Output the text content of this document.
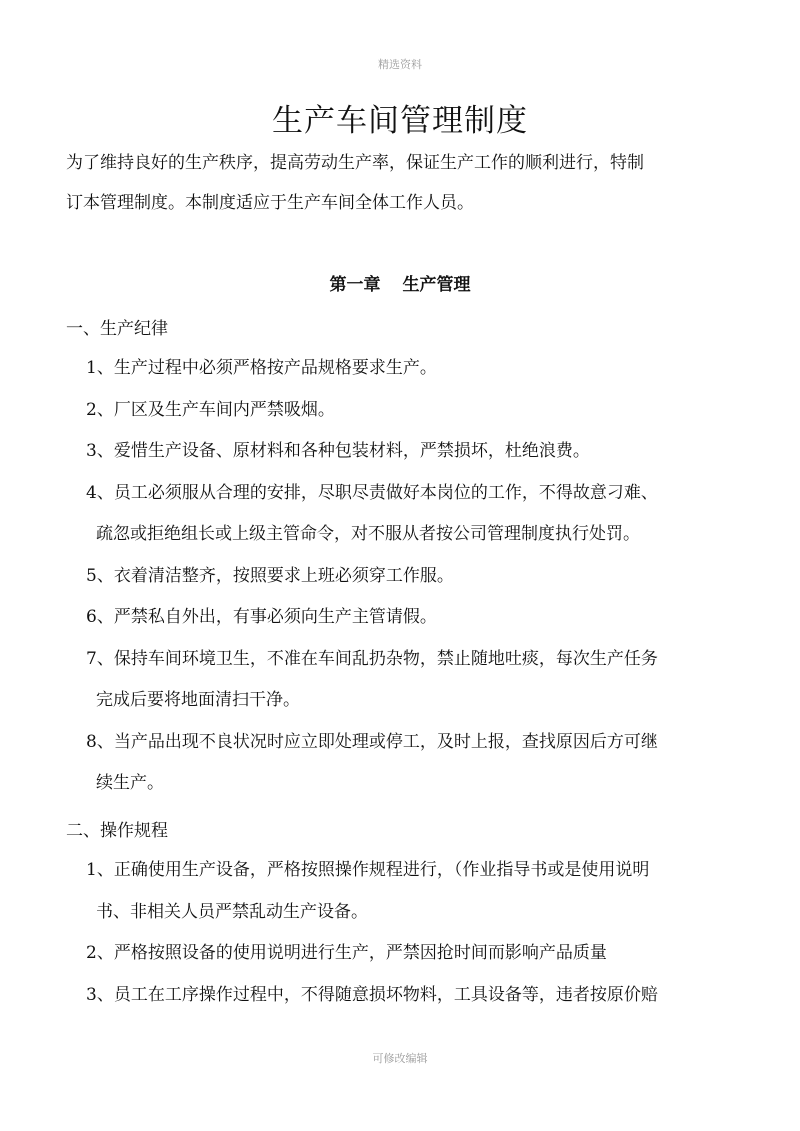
精选资料
生产车间管理制度

为了维持良好的生产秩序，提高劳动生产率，保证生产工作的顺利进行，特制
订本管理制度。本制度适应于生产车间全体工作人员。

第一章 生产管理
一、生产纪律
1、生产过程中必须严格按产品规格要求生产。
2、厂区及生产车间内严禁吸烟。
3、爱惜生产设备、原材料和各种包装材料，严禁损坏，杜绝浪费。
4、员工必须服从合理的安排，尽职尽责做好本岗位的工作，不得故意刁难、
疏忽或拒绝组长或上级主管命令，对不服从者按公司管理制度执行处罚。
5、衣着清洁整齐，按照要求上班必须穿工作服。
6、严禁私自外出，有事必须向生产主管请假。
7、保持车间环境卫生，不准在车间乱扔杂物，禁止随地吐痰，每次生产任务
完成后要将地面清扫干净。
8、当产品出现不良状况时应立即处理或停工，及时上报，查找原因后方可继
续生产。
二、操作规程
1、正确使用生产设备，严格按照操作规程进行，（作业指导书或是使用说明
书、非相关人员严禁乱动生产设备。
2、严格按照设备的使用说明进行生产，严禁因抢时间而影响产品质量
3、员工在工序操作过程中，不得随意损坏物料，工具设备等，违者按原价赔
可修改编辑
